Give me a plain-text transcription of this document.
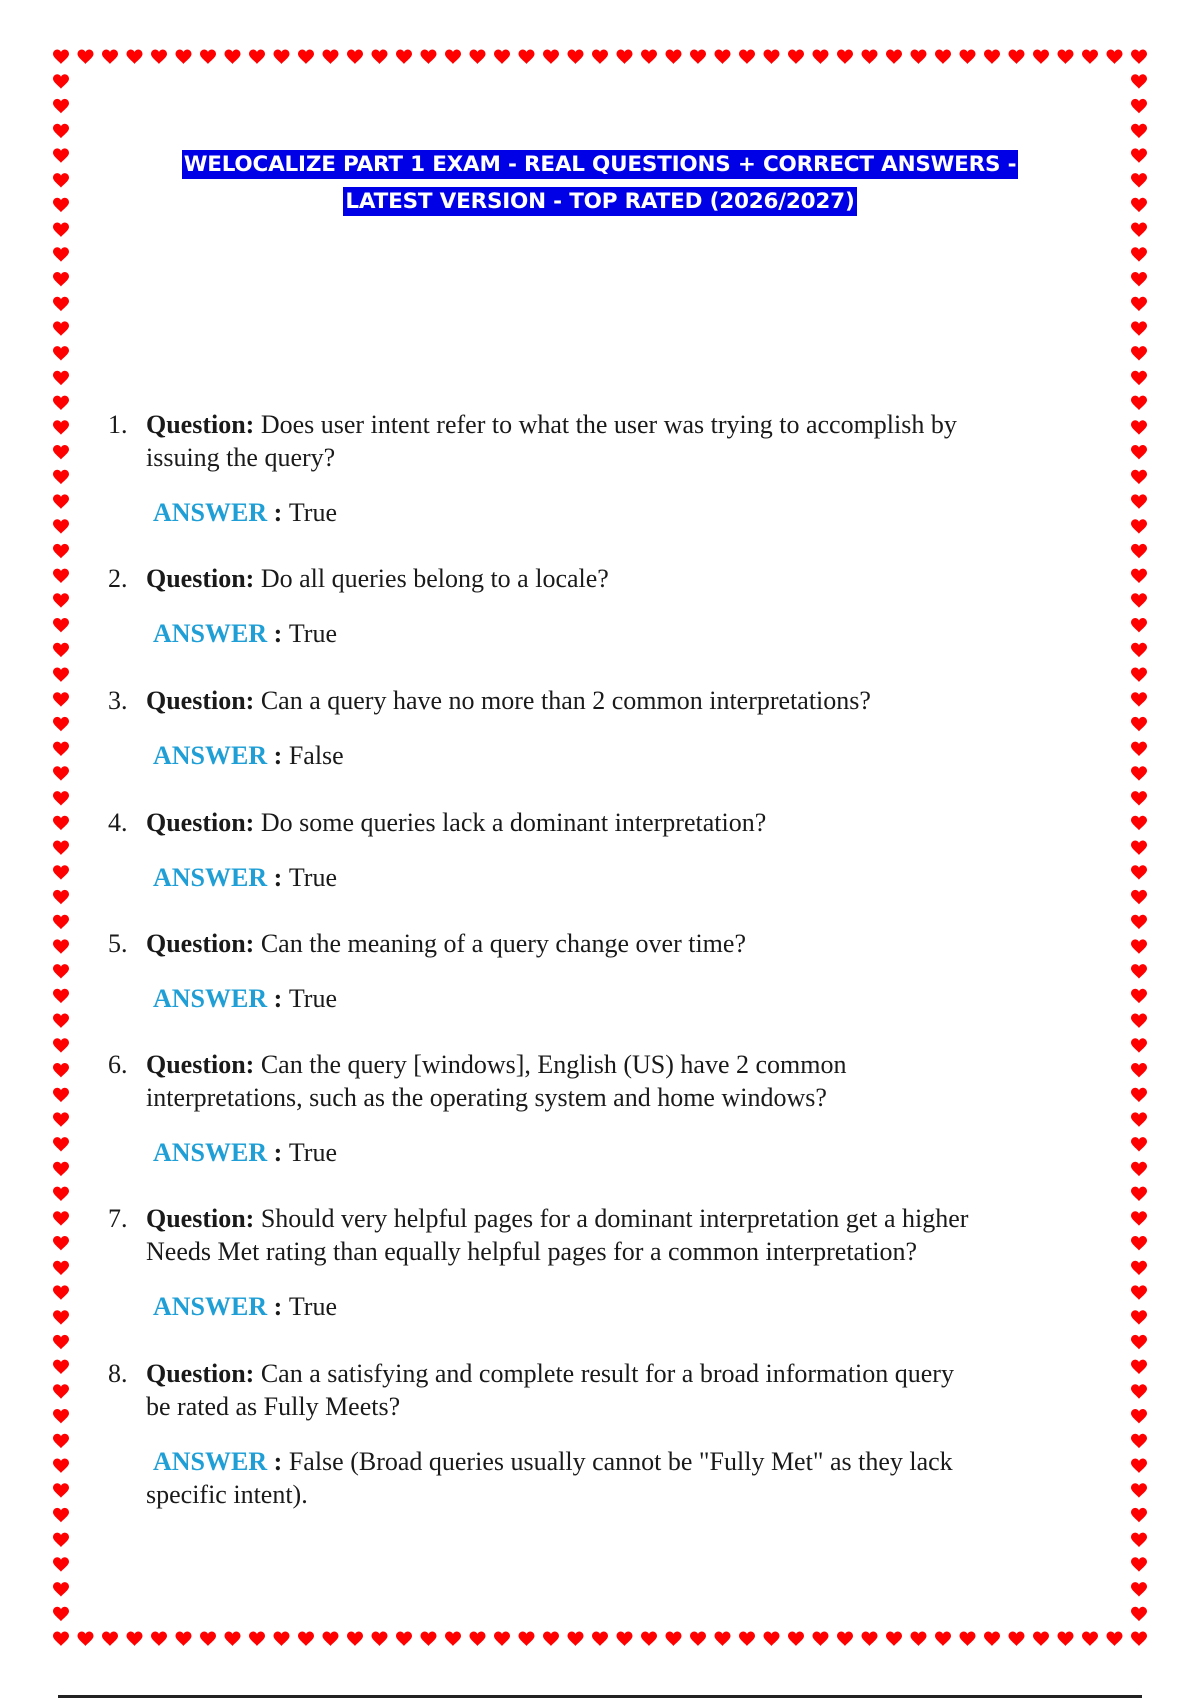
WELOCALIZE PART 1 EXAM - REAL QUESTIONS + CORRECT ANSWERS -
LATEST VERSION - TOP RATED (2026/2027)
1. Question: Does user intent refer to what the user was trying to accomplish by
issuing the query?
ANSWER : True
2. Question: Do all queries belong to a locale?
ANSWER : True
3. Question: Can a query have no more than 2 common interpretations?
ANSWER : False
4. Question: Do some queries lack a dominant interpretation?
ANSWER : True
5. Question: Can the meaning of a query change over time?
ANSWER : True
6. Question: Can the query [windows], English (US) have 2 common
interpretations, such as the operating system and home windows?
ANSWER : True
7. Question: Should very helpful pages for a dominant interpretation get a higher
Needs Met rating than equally helpful pages for a common interpretation?
ANSWER : True
8. Question: Can a satisfying and complete result for a broad information query
be rated as Fully Meets?
ANSWER : False (Broad queries usually cannot be "Fully Met" as they lack
specific intent).
